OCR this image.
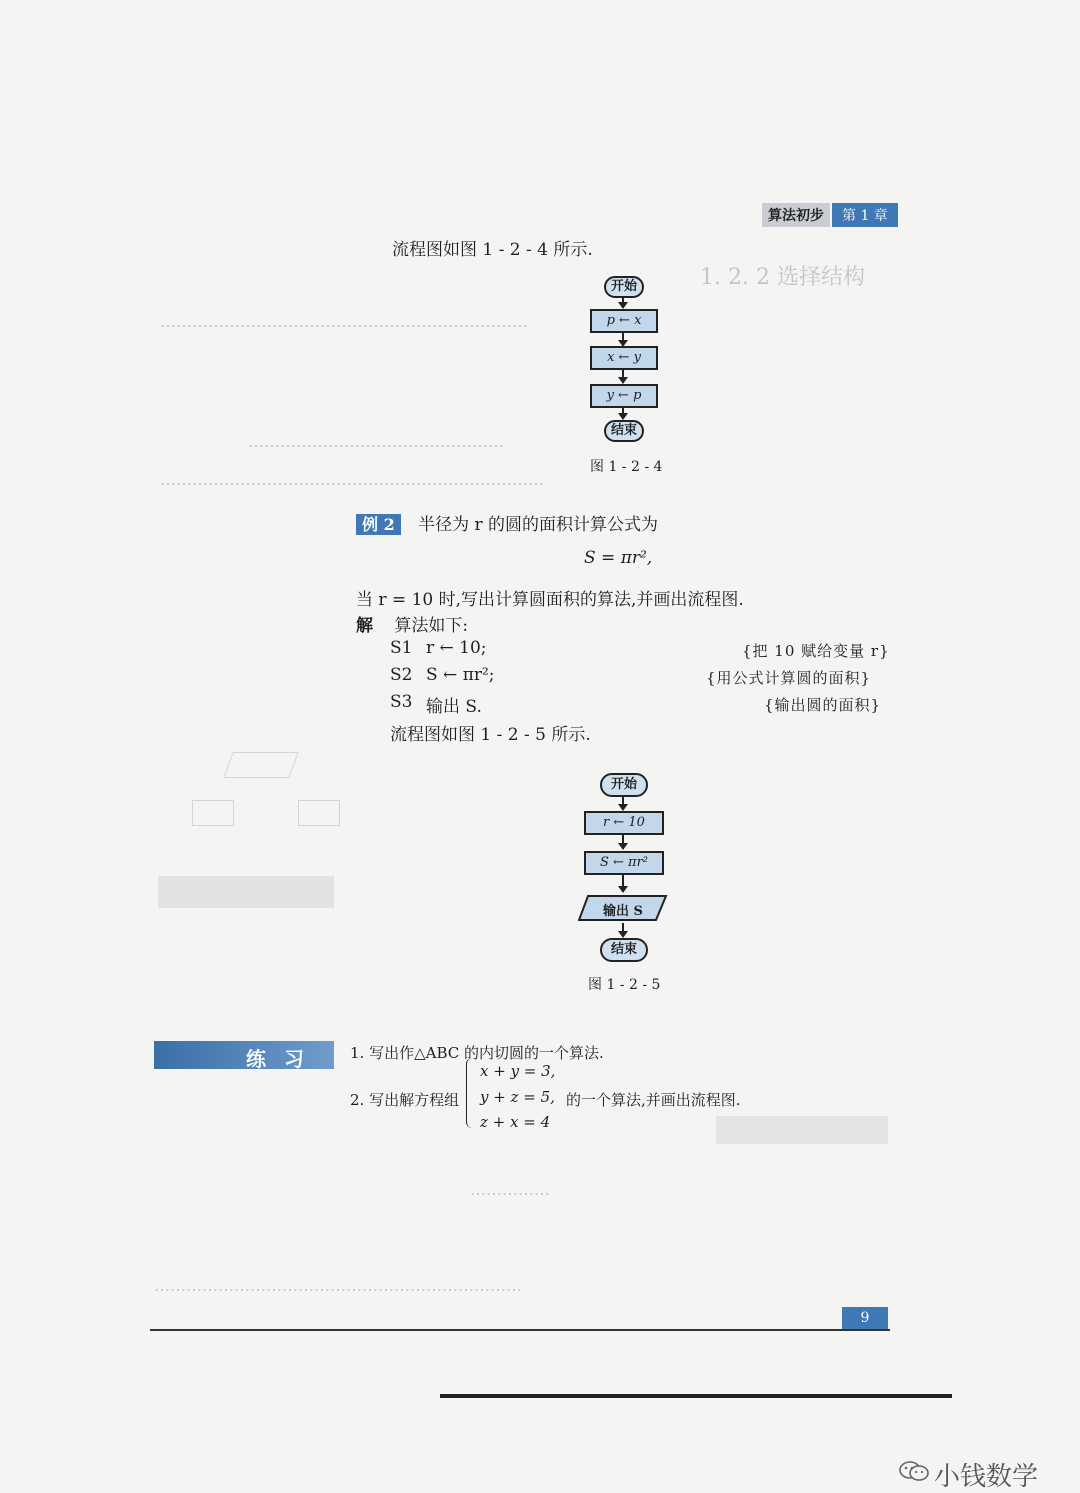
1. 2. 2 选择结构
……………………………………………………………
…………………………………………
………………………………………………………………
……………
……………………………………………………………
算法初步	第 1 章
流程图如图 1 - 2 - 4 所示.
开始
p ← x
x ← y
y ← p
结束
图 1 - 2 - 4
例 2 半径为 r 的圆的面积计算公式为
S = πr²,
当 r = 10 时,写出计算圆面积的算法,并画出流程图.
解 算法如下:
S1 r ← 10;	{把 10 赋给变量 r}
S2 S ← πr²;	{用公式计算圆的面积}
S3 输出 S.	{输出圆的面积}
流程图如图 1 - 2 - 5 所示.
开始
r ← 10
S ← πr²
输出 S
结束
图 1 - 2 - 5
练习 1. 写出作△ABC 的内切圆的一个算法.
2. 写出解方程组
x + y = 3,
y + z = 5,
z + x = 4
的一个算法,并画出流程图.
9
小钱数学
